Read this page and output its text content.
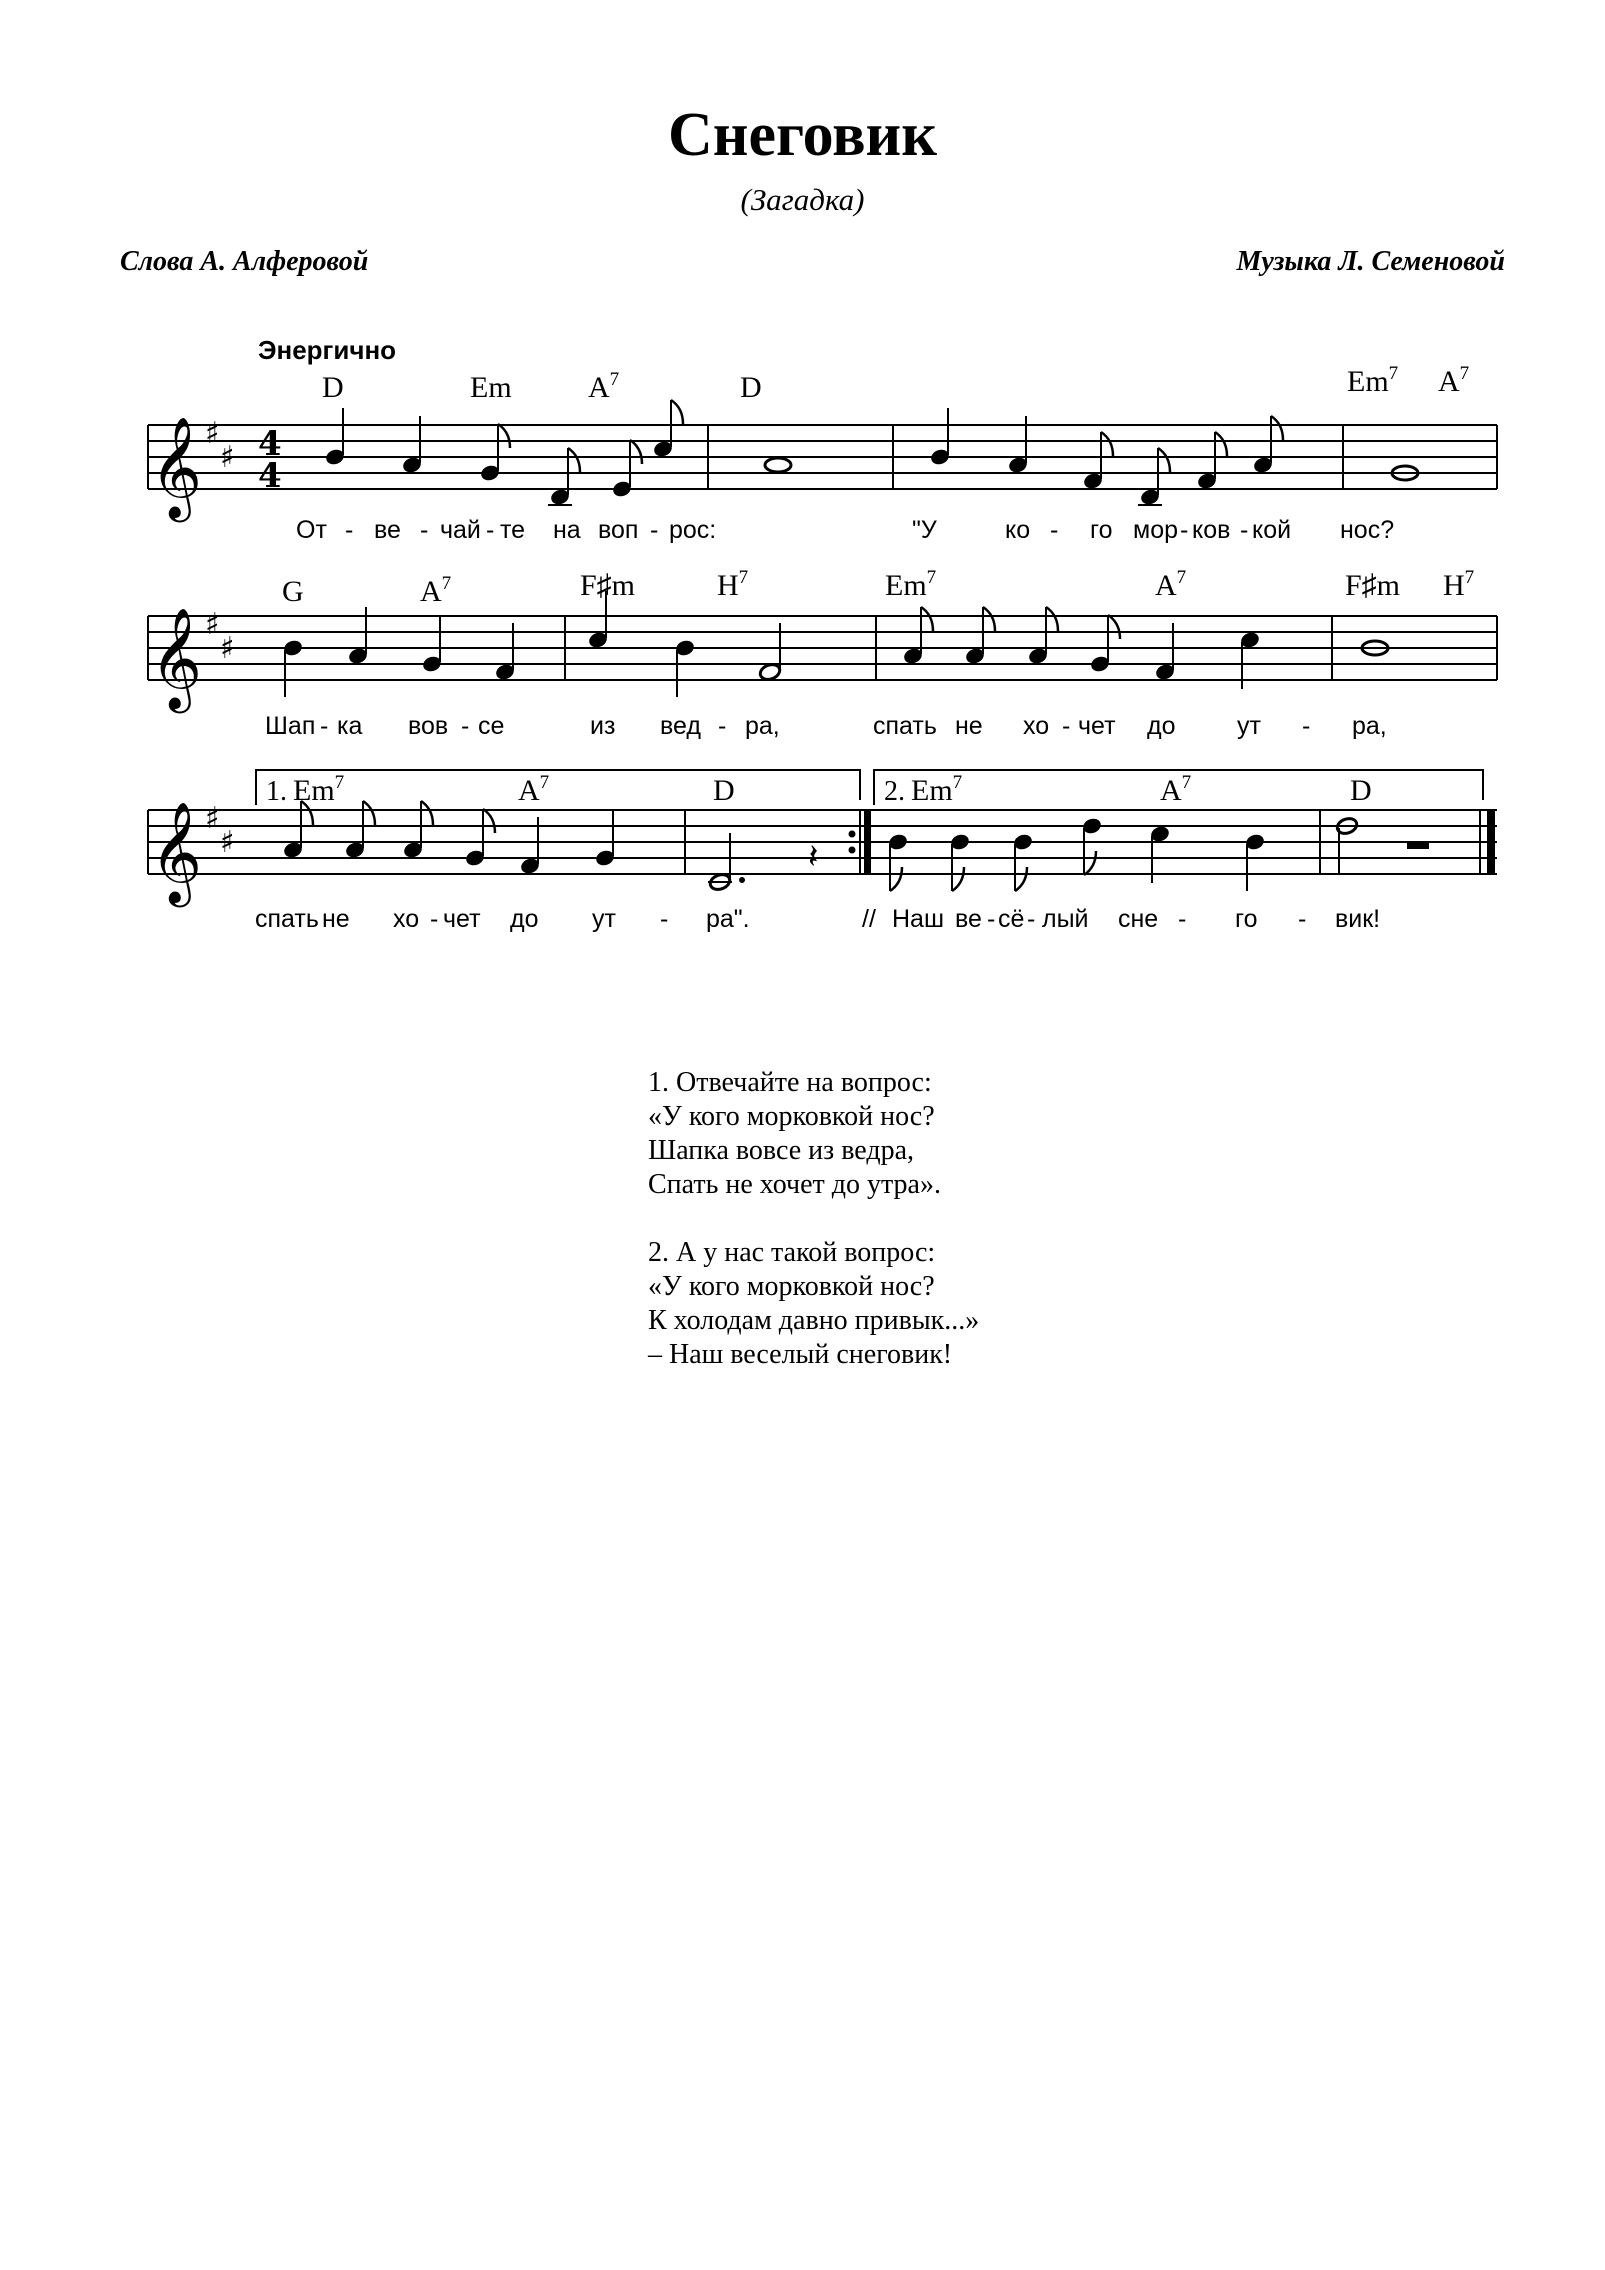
Снеговик
(Загадка)
Слова А. Алферовой	Музыка Л. Семеновой
Энергично
D	Em	$A^7$	D	Em$^7$ $A^7$
𝄞 ♯
♯ 4
4
От - ве - чай - те на воп - рос:	"У	ко - го мор - ков - кой нос?
G	$A^7$	F♯m	$H^7$	Em$^7$	$A^7$	F♯m $H^7$
𝄞 ♯
♯
Шап - ка вов - се	из вед - ра,	спать не хо - чет до ут - ра,
1.	2.
Em$^7$	$A^7$	D	Em$^7$	$A^7$	D
𝄞 ♯
♯	𝄽
спать не хо - чет до ут - ра".	// Наш ве - сё - лый сне - го - вик!
1. Отвечайте на вопрос:
«У кого морковкой нос?
Шапка вовсе из ведра,
Спать не хочет до утра».
2. А у нас такой вопрос:
«У кого морковкой нос?
К холодам давно привык...»
– Наш веселый снеговик!
